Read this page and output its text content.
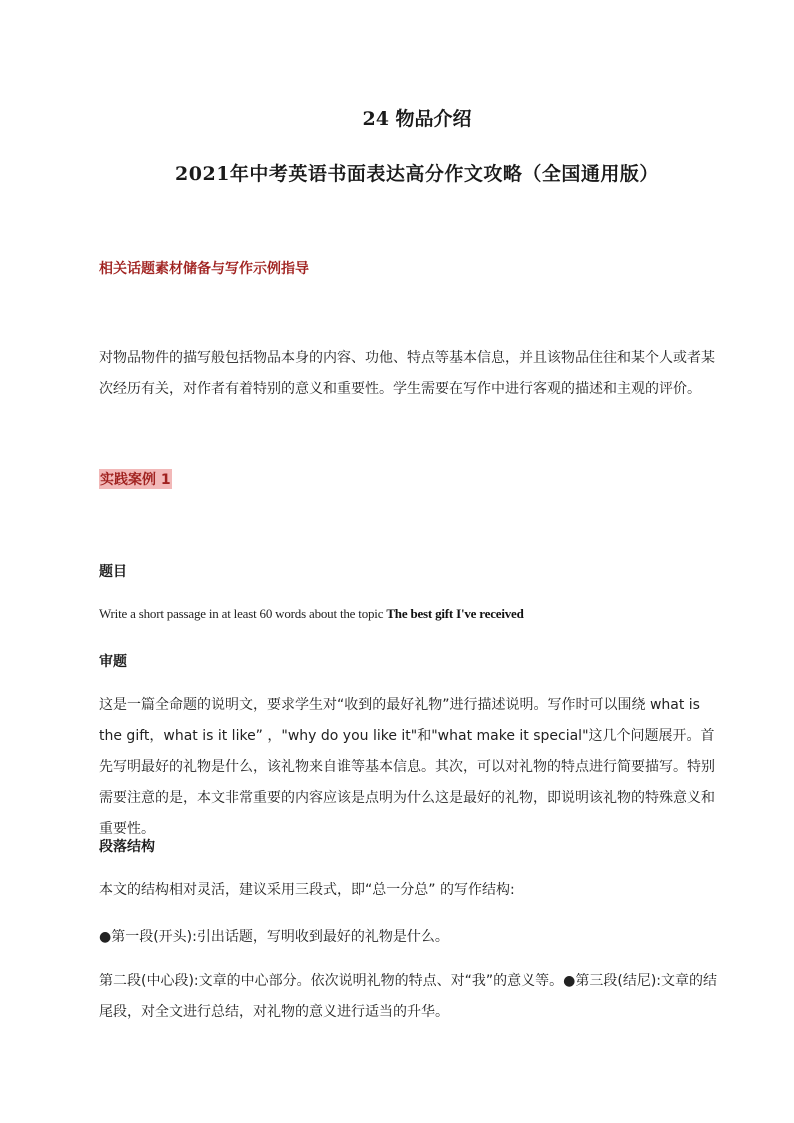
24 物品介绍
2021年中考英语书面表达高分作文攻略（全国通用版）
相关话题素材储备与写作示例指导
对物品物件的描写般包括物品本身的内容、功他、特点等基本信息，并且该物品住往和某个人或者某次经历有关，对作者有着特别的意义和重要性。学生需要在写作中进行客观的描述和主观的评价。
实践案例 1
题目
Write a short passage in at least 60 words about the topic The best gift I've received
审题
这是一篇全命题的说明文，要求学生对“收到的最好礼物”进行描述说明。写作时可以围绕 what is the gift，what is it like” ，"why do you like it"和"what make it special"这几个问题展开。首先写明最好的礼物是什么，该礼物来自谁等基本信息。其次，可以对礼物的特点进行简要描写。特别需要注意的是，本文非常重要的内容应该是点明为什么这是最好的礼物，即说明该礼物的特殊意义和重要性。
段落结构
本文的结构相对灵活，建议采用三段式，即“总一分总” 的写作结构:
●第一段(开头):引出话题，写明收到最好的礼物是什么。
第二段(中心段):文章的中心部分。依次说明礼物的特点、对“我”的意义等。●第三段(结尼):文章的结尾段，对全文进行总结，对礼物的意义进行适当的升华。
